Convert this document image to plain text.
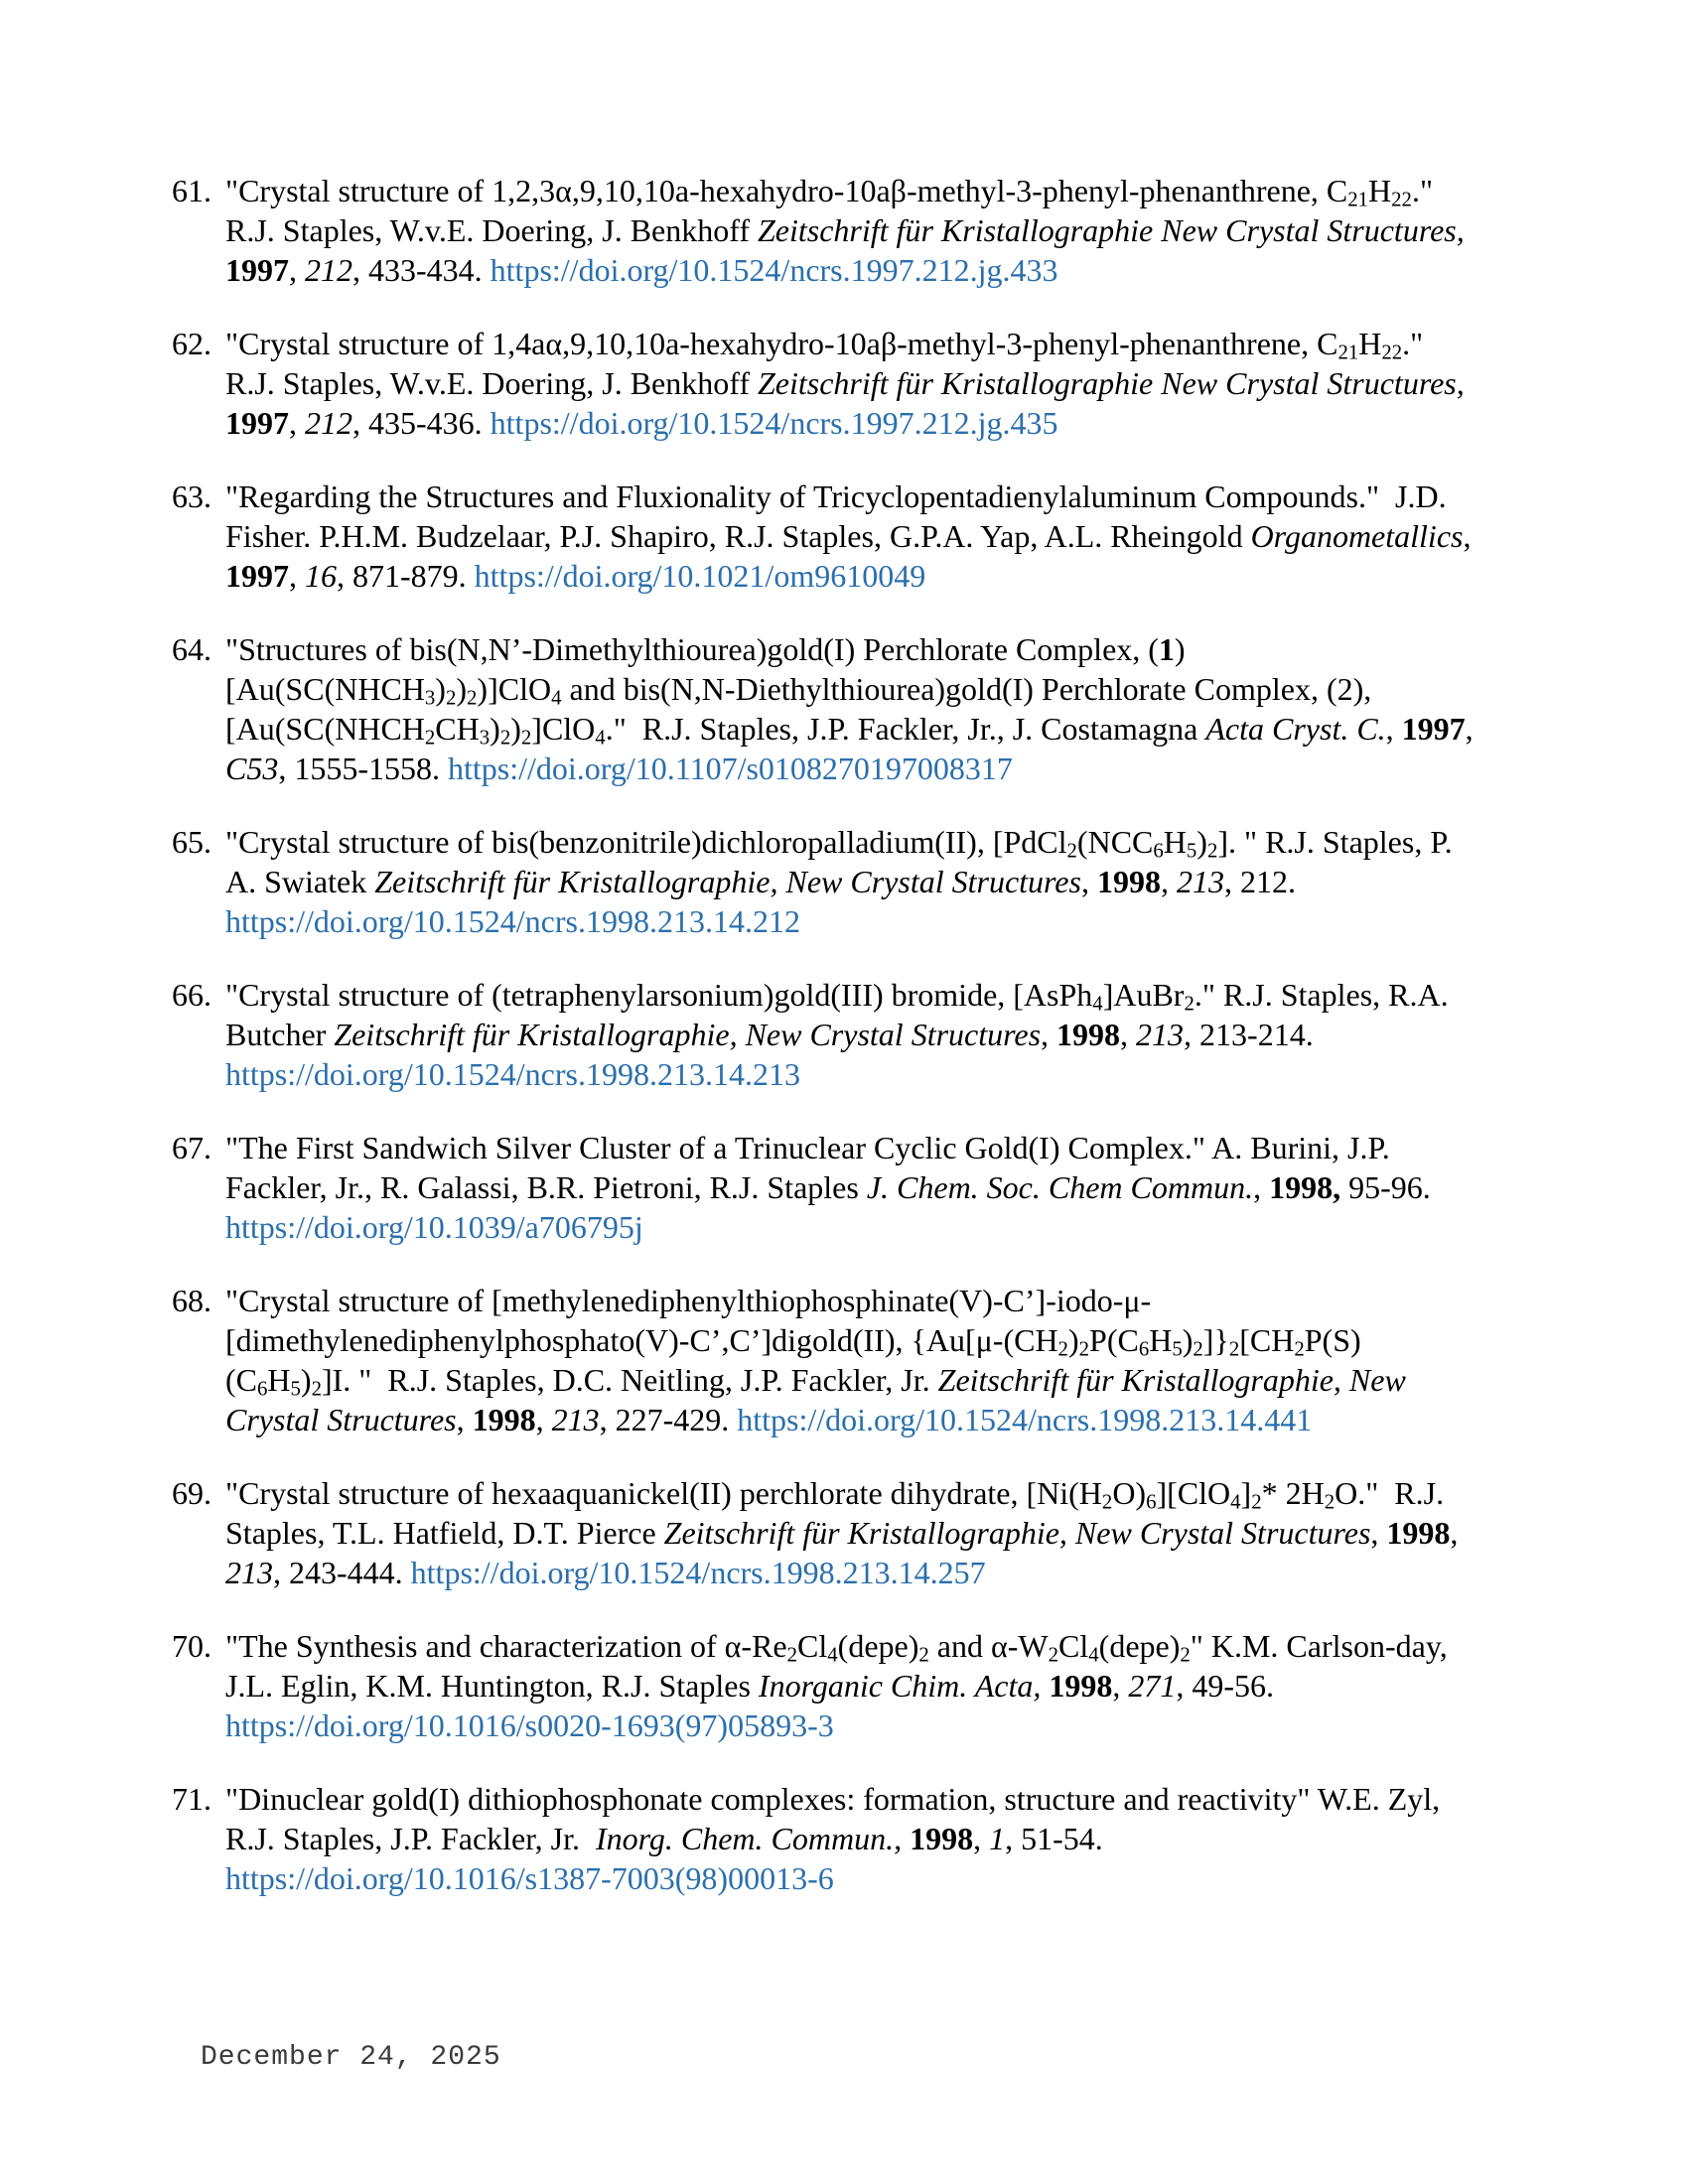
61. "Crystal structure of 1,2,3α,9,10,10a-hexahydro-10aβ-methyl-3-phenyl-phenanthrene, C21H22."  R.J. Staples, W.v.E. Doering, J. Benkhoff Zeitschrift für Kristallographie New Crystal Structures, 1997, 212, 433-434. https://doi.org/10.1524/ncrs.1997.212.jg.433

62. "Crystal structure of 1,4aα,9,10,10a-hexahydro-10aβ-methyl-3-phenyl-phenanthrene, C21H22."  R.J. Staples, W.v.E. Doering, J. Benkhoff Zeitschrift für Kristallographie New Crystal Structures, 1997, 212, 435-436. https://doi.org/10.1524/ncrs.1997.212.jg.435

63. "Regarding the Structures and Fluxionality of Tricyclopentadienylaluminum Compounds."  J.D. Fisher. P.H.M. Budzelaar, P.J. Shapiro, R.J. Staples, G.P.A. Yap, A.L. Rheingold Organometallics, 1997, 16, 871-879. https://doi.org/10.1021/om9610049

64. "Structures of bis(N,N’-Dimethylthiourea)gold(I) Perchlorate Complex, (1) [Au(SC(NHCH3)2)2)]ClO4 and bis(N,N-Diethylthiourea)gold(I) Perchlorate Complex, (2), [Au(SC(NHCH2CH3)2)2]ClO4."  R.J. Staples, J.P. Fackler, Jr., J. Costamagna Acta Cryst. C., 1997, C53, 1555-1558. https://doi.org/10.1107/s0108270197008317

65. "Crystal structure of bis(benzonitrile)dichloropalladium(II), [PdCl2(NCC6H5)2]. " R.J. Staples, P. A. Swiatek Zeitschrift für Kristallographie, New Crystal Structures, 1998, 213, 212. https://doi.org/10.1524/ncrs.1998.213.14.212

66. "Crystal structure of (tetraphenylarsonium)gold(III) bromide, [AsPh4]AuBr2." R.J. Staples, R.A. Butcher Zeitschrift für Kristallographie, New Crystal Structures, 1998, 213, 213-214. https://doi.org/10.1524/ncrs.1998.213.14.213

67. "The First Sandwich Silver Cluster of a Trinuclear Cyclic Gold(I) Complex." A. Burini, J.P. Fackler, Jr., R. Galassi, B.R. Pietroni, R.J. Staples J. Chem. Soc. Chem Commun., 1998, 95-96. https://doi.org/10.1039/a706795j

68. "Crystal structure of [methylenediphenylthiophosphinate(V)-C’]-iodo-μ-[dimethylenediphenylphosphato(V)-C’,C’]digold(II), {Au[μ-(CH2)2P(C6H5)2]}2[CH2P(S)(C6H5)2]I. "  R.J. Staples, D.C. Neitling, J.P. Fackler, Jr. Zeitschrift für Kristallographie, New Crystal Structures, 1998, 213, 227-429. https://doi.org/10.1524/ncrs.1998.213.14.441

69. "Crystal structure of hexaaquanickel(II) perchlorate dihydrate, [Ni(H2O)6][ClO4]2* 2H2O."  R.J. Staples, T.L. Hatfield, D.T. Pierce Zeitschrift für Kristallographie, New Crystal Structures, 1998, 213, 243-444. https://doi.org/10.1524/ncrs.1998.213.14.257

70. "The Synthesis and characterization of α-Re2Cl4(depe)2 and α-W2Cl4(depe)2" K.M. Carlson-day, J.L. Eglin, K.M. Huntington, R.J. Staples Inorganic Chim. Acta, 1998, 271, 49-56. https://doi.org/10.1016/s0020-1693(97)05893-3

71. "Dinuclear gold(I) dithiophosphonate complexes: formation, structure and reactivity" W.E. Zyl, R.J. Staples, J.P. Fackler, Jr.  Inorg. Chem. Commun., 1998, 1, 51-54. https://doi.org/10.1016/s1387-7003(98)00013-6

December 24, 2025
